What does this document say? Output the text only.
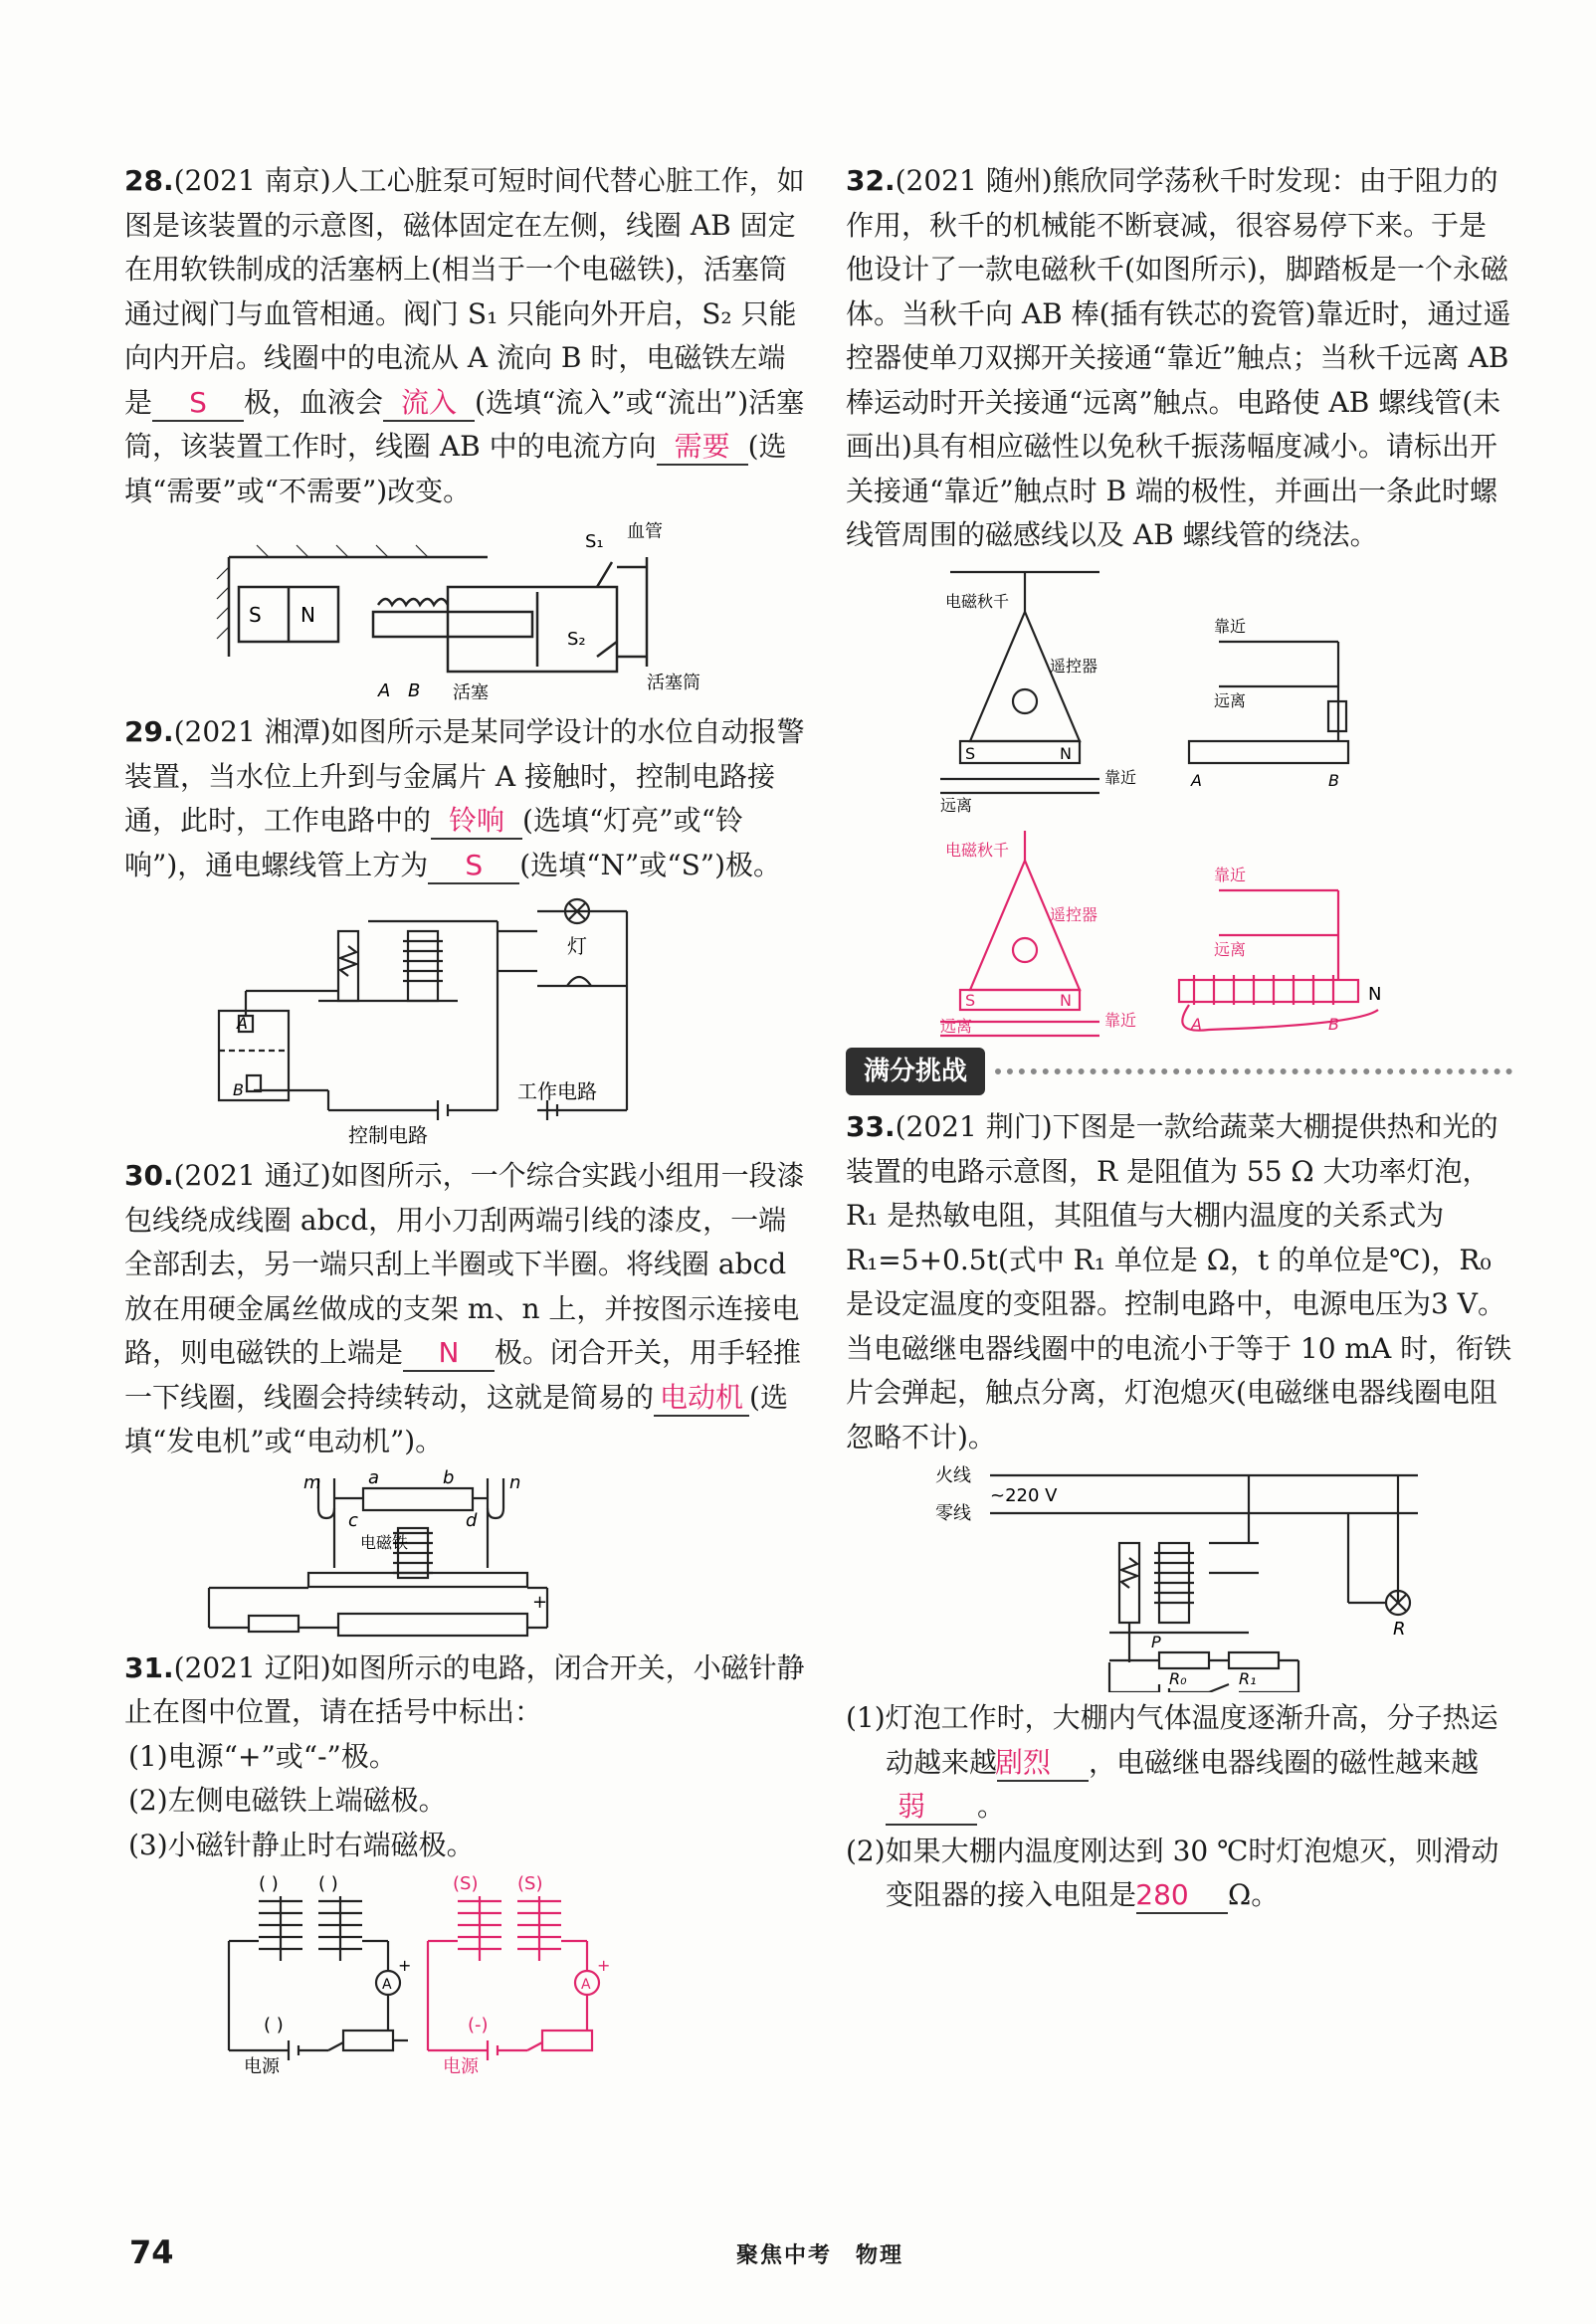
28.(2021 南京)人工心脏泵可短时间代替心脏工作，如图是该装置的示意图，磁体固定在左侧，线圈 AB 固定在用软铁制成的活塞柄上(相当于一个电磁铁)，活塞筒通过阀门与血管相通。阀门 S₁ 只能向外开启，S₂ 只能向内开启。线圈中的电流从 A 流向 B 时，电磁铁左端是 S 极，血液会 流入 (选填“流入”或“流出”)活塞筒，该装置工作时，线圈 AB 中的电流方向 需要 (选填“需要”或“不需要”)改变。

S N
S₁
S₂
A B 活塞
血管
活塞筒

29.(2021 湘潭)如图所示是某同学设计的水位自动报警装置，当水位上升到与金属片 A 接触时，控制电路接通，此时，工作电路中的 铃响 (选填“灯亮”或“铃响”)，通电螺线管上方为 S (选填“N”或“S”)极。

A
B
灯
控制电路
工作电路

30.(2021 通辽)如图所示，一个综合实践小组用一段漆包线绕成线圈 abcd，用小刀刮两端引线的漆皮，一端全部刮去，另一端只刮上半圈或下半圈。将线圈 abcd 放在用硬金属丝做成的支架 m、n 上，并按图示连接电路，则电磁铁的上端是 N 极。闭合开关，用手轻推一下线圈，线圈会持续转动，这就是简易的 电动机 (选填“发电机”或“电动机”)。

m	n
a	b
c	d
电磁铁
+

31.(2021 辽阳)如图所示的电路，闭合开关，小磁针静止在图中位置，请在括号中标出：

(1)电源“+”或“-”极。

(2)左侧电磁铁上端磁极。

(3)小磁针静止时右端磁极。

( ) ( )
A
+
( )
电源
(S) (S)
A
+
(-)
电源

32.(2021 随州)熊欣同学荡秋千时发现：由于阻力的作用，秋千的机械能不断衰减，很容易停下来。于是他设计了一款电磁秋千(如图所示)，脚踏板是一个永磁体。当秋千向 AB 棒(插有铁芯的瓷管)靠近时，通过遥控器使单刀双掷开关接通“靠近”触点；当秋千远离 AB 棒运动时开关接通“远离”触点。电路使 AB 螺线管(未画出)具有相应磁性以免秋千振荡幅度减小。请标出开关接通“靠近”触点时 B 端的极性，并画出一条此时螺线管周围的磁感线以及 AB 螺线管的绕法。

电磁秋千
遥控器
S	N
靠近
远离
靠近
远离
A	B
电磁秋千
遥控器
S	N
靠近
远离
靠近
远离
N
A	B
满分挑战

33.(2021 荆门)下图是一款给蔬菜大棚提供热和光的装置的电路示意图，R 是阻值为 55 Ω 大功率灯泡，R₁ 是热敏电阻，其阻值与大棚内温度的关系式为 R₁=5+0.5t(式中 R₁ 单位是 Ω，t 的单位是℃)，R₀ 是设定温度的变阻器。控制电路中，电源电压为3 V。当电磁继电器线圈中的电流小于等于 10 mA 时，衔铁片会弹起，触点分离，灯泡熄灭(电磁继电器线圈电阻忽略不计)。

火线
~220 V
零线
R
P
R₀	R₁

(1)灯泡工作时，大棚内气体温度逐渐升高，分子热运动越来越剧烈 ，电磁继电器线圈的磁性越来越弱 。

(2)如果大棚内温度刚达到 30 ℃时灯泡熄灭，则滑动变阻器的接入电阻是280 Ω。

74	聚焦中考　物理
